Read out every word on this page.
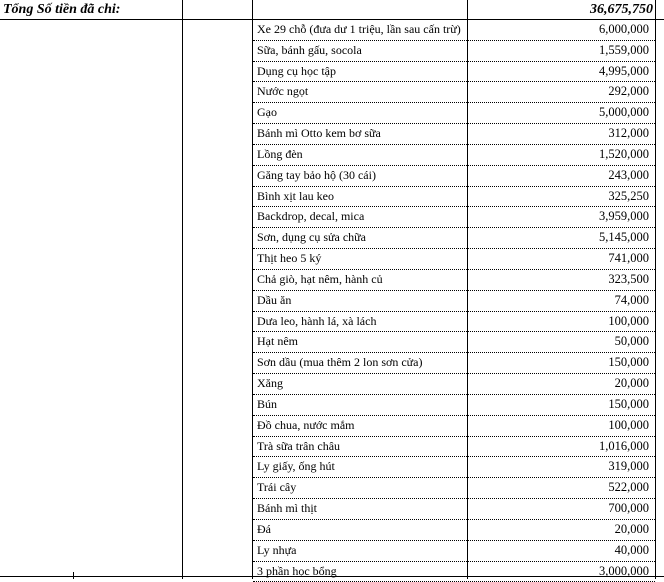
Tổng Số tiền đã chi:	36,675,750
Xe 29 chỗ (đưa dư 1 triệu, lần sau cấn trừ)	6,000,000
Sữa, bánh gấu, socola	1,559,000
Dụng cụ học tập	4,995,000
Nước ngọt	292,000
Gạo	5,000,000
Bánh mì Otto kem bơ sữa	312,000
Lồng đèn	1,520,000
Găng tay bảo hộ (30 cái)	243,000
Bình xịt lau keo	325,250
Backdrop, decal, mica	3,959,000
Sơn, dụng cụ sửa chữa	5,145,000
Thịt heo 5 ký	741,000
Chả giò, hạt nêm, hành củ	323,500
Dầu ăn	74,000
Dưa leo, hành lá, xà lách	100,000
Hạt nêm	50,000
Sơn dầu (mua thêm 2 lon sơn cửa)	150,000
Xăng	20,000
Bún	150,000
Đồ chua, nước mắm	100,000
Trà sữa trân châu	1,016,000
Ly giấy, ống hút	319,000
Trái cây	522,000
Bánh mì thịt	700,000
Đá	20,000
Ly nhựa	40,000
3 phần học bổng	3,000,000
